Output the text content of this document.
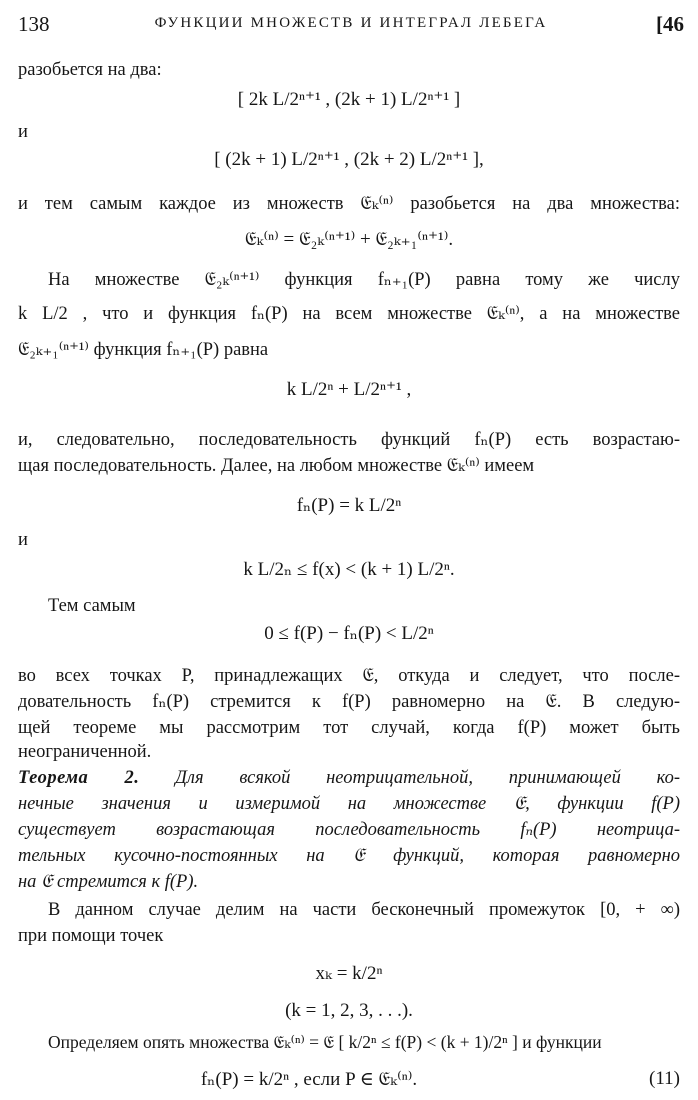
138	ФУНКЦИИ МНОЖЕСТВ И ИНТЕГРАЛ ЛЕБЕГА	[46
разобьется на два:
[ 2k L/2ⁿ⁺¹ , (2k + 1) L/2ⁿ⁺¹ ]
и
[ (2k + 1) L/2ⁿ⁺¹ , (2k + 2) L/2ⁿ⁺¹ ],
и тем самым каждое из множеств 𝔈ₖ⁽ⁿ⁾ разобьется на два множества:
𝔈ₖ⁽ⁿ⁾ = 𝔈₂ₖ⁽ⁿ⁺¹⁾ + 𝔈₂ₖ₊₁⁽ⁿ⁺¹⁾.
На множестве 𝔈₂ₖ⁽ⁿ⁺¹⁾ функция fₙ₊₁(P) равна тому же числу
k L/2 , что и функция fₙ(P) на всем множестве 𝔈ₖ⁽ⁿ⁾, а на множестве
𝔈₂ₖ₊₁⁽ⁿ⁺¹⁾ функция fₙ₊₁(P) равна
k L/2ⁿ + L/2ⁿ⁺¹ ,
и, следовательно, последовательность функций fₙ(P) есть возрастаю-
щая последовательность. Далее, на любом множестве 𝔈ₖ⁽ⁿ⁾ имеем
fₙ(P) = k L/2ⁿ
и
k L/2ₙ ≤ f(x) < (k + 1) L/2ⁿ.
Тем самым
0 ≤ f(P) − fₙ(P) < L/2ⁿ
во всех точках P, принадлежащих 𝔈, откуда и следует, что после-
довательность fₙ(P) стремится к f(P) равномерно на 𝔈. В следую-
щей теореме мы рассмотрим тот случай, когда f(P) может быть
неограниченной.
Теорема 2. Для всякой неотрицательной, принимающей ко-
нечные значения и измеримой на множестве 𝔈, функции f(P)
существует возрастающая последовательность fₙ(P) неотрица-
тельных кусочно-постоянных на 𝔈 функций, которая равномерно
на 𝔈 стремится к f(P).
В данном случае делим на части бесконечный промежуток [0, + ∞)
при помощи точек
xₖ = k/2ⁿ
(k = 1, 2, 3, . . .).
Определяем опять множества 𝔈ₖ⁽ⁿ⁾ = 𝔈 [ k/2ⁿ ≤ f(P) < (k + 1)/2ⁿ ] и функции
fₙ(P) = k/2ⁿ , если P ∈ 𝔈ₖ⁽ⁿ⁾.	(11)
